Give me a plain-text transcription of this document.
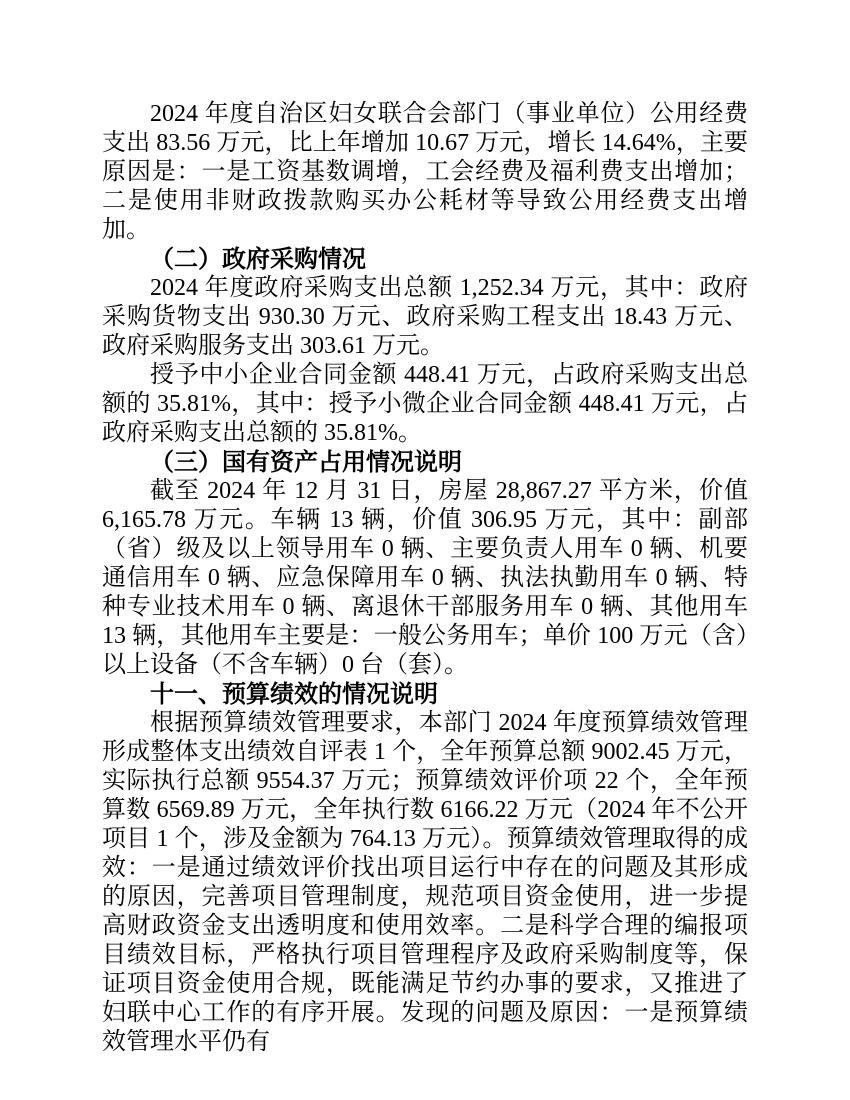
2024 年度自治区妇女联合会部门（事业单位）公用经费支出 83.56 万元，比上年增加 10.67 万元，增长 14.64%，主要原因是：一是工资基数调增，工会经费及福利费支出增加；二是使用非财政拨款购买办公耗材等导致公用经费支出增加。

（二）政府采购情况

2024 年度政府采购支出总额 1,252.34 万元，其中：政府采购货物支出 930.30 万元、政府采购工程支出 18.43 万元、政府采购服务支出 303.61 万元。

授予中小企业合同金额 448.41 万元，占政府采购支出总额的 35.81%，其中：授予小微企业合同金额 448.41 万元，占政府采购支出总额的 35.81%。

（三）国有资产占用情况说明

截至 2024 年 12 月 31 日，房屋 28,867.27 平方米，价值 6,165.78 万元。车辆 13 辆，价值 306.95 万元，其中：副部（省）级及以上领导用车 0 辆、主要负责人用车 0 辆、机要通信用车 0 辆、应急保障用车 0 辆、执法执勤用车 0 辆、特种专业技术用车 0 辆、离退休干部服务用车 0 辆、其他用车 13 辆，其他用车主要是：一般公务用车；单价 100 万元（含）以上设备（不含车辆）0 台（套）。

十一、预算绩效的情况说明

根据预算绩效管理要求，本部门 2024 年度预算绩效管理形成整体支出绩效自评表 1 个，全年预算总额 9002.45 万元，实际执行总额 9554.37 万元；预算绩效评价项 22 个，全年预算数 6569.89 万元，全年执行数 6166.22 万元（2024 年不公开项目 1 个，涉及金额为 764.13 万元）。预算绩效管理取得的成效：一是通过绩效评价找出项目运行中存在的问题及其形成的原因，完善项目管理制度，规范项目资金使用，进一步提高财政资金支出透明度和使用效率。二是科学合理的编报项目绩效目标，严格执行项目管理程序及政府采购制度等，保证项目资金使用合规，既能满足节约办事的要求，又推进了妇联中心工作的有序开展。发现的问题及原因：一是预算绩效管理水平仍有
